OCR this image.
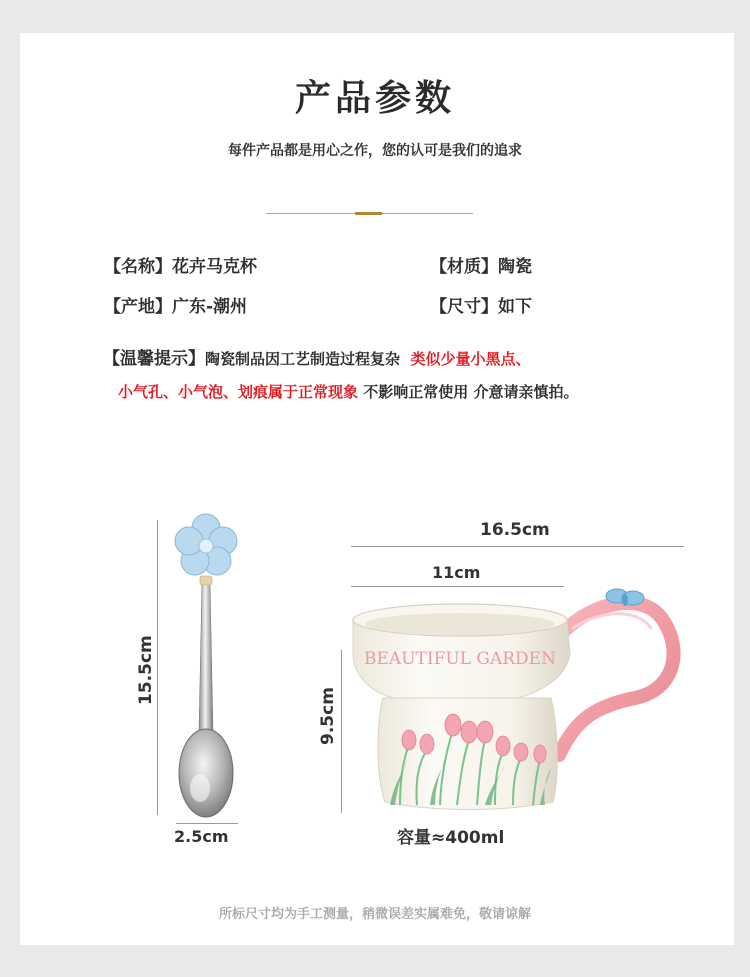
产品参数
每件产品都是用心之作，您的认可是我们的追求
【名称】花卉马克杯	【材质】陶瓷
【产地】广东-潮州	【尺寸】如下
【温馨提示】陶瓷制品因工艺制造过程复杂 类似少量小黑点、
小气孔、小气泡、划痕属于正常现象 不影响正常使用 介意请亲慎拍。
15.5cm
2.5cm
16.5cm
11cm
9.5cm
BEAUTIFUL GARDEN
容量≈400ml
所标尺寸均为手工测量，稍微误差实属难免，敬请谅解
